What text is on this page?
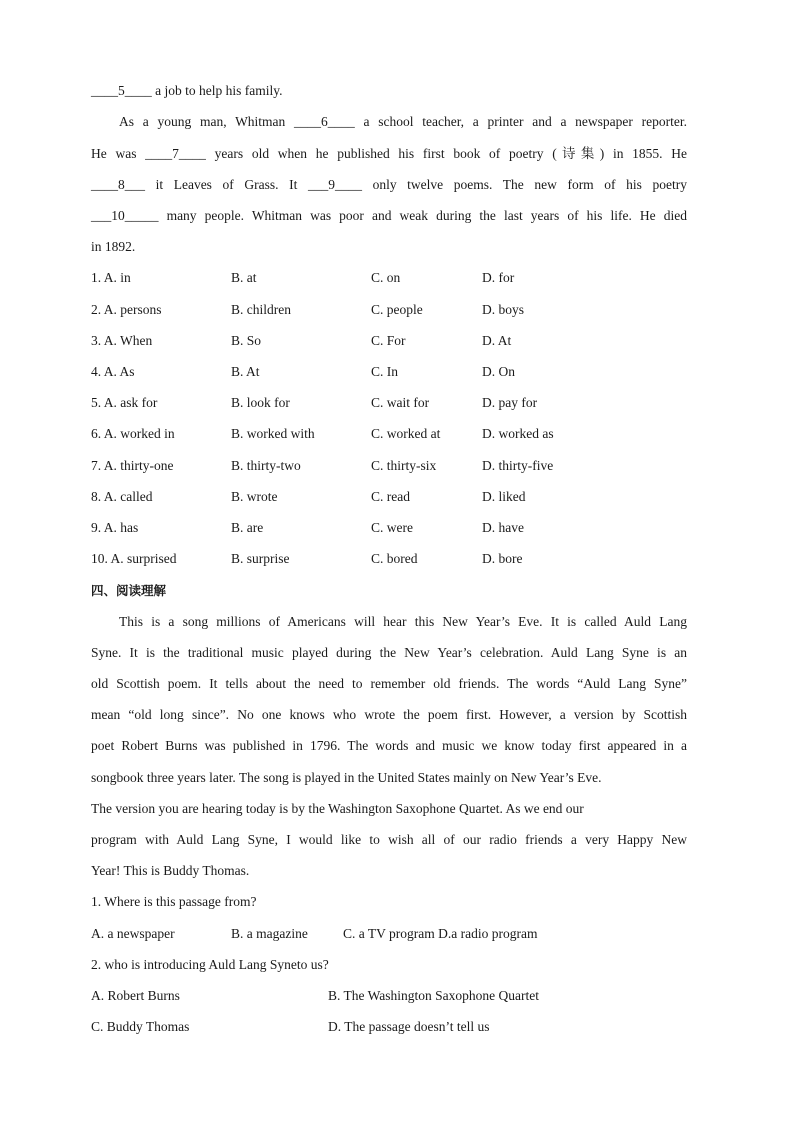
____5____ a job to help his family.
As a young man, Whitman ____6____ a school teacher, a printer and a newspaper reporter.
He was ____7____ years old when he published his first book of poetry (诗集) in 1855. He
____8___ it Leaves of Grass. It ___9____ only twelve poems. The new form of his poetry
___10_____ many people. Whitman was poor and weak during the last years of his life. He died
in 1892.
1. A. in	B. at	C. on	D. for
2. A. persons	B. children	C. people	D. boys
3. A. When	B. So	C. For	D. At
4. A. As	B. At	C. In	D. On
5. A. ask for	B. look for	C. wait for	D. pay for
6. A. worked in	B. worked with	C. worked at	D. worked as
7. A. thirty-one	B. thirty-two	C. thirty-six	D. thirty-five
8. A. called	B. wrote	C. read	D. liked
9. A. has	B. are	C. were	D. have
10. A. surprised	B. surprise	C. bored	D. bore
四、阅读理解
This is a song millions of Americans will hear this New Year’s Eve. It is called Auld Lang
Syne. It is the traditional music played during the New Year’s celebration. Auld Lang Syne is an
old Scottish poem. It tells about the need to remember old friends. The words “Auld Lang Syne”
mean “old long since”. No one knows who wrote the poem first. However, a version by Scottish
poet Robert Burns was published in 1796. The words and music we know today first appeared in a
songbook three years later. The song is played in the United States mainly on New Year’s Eve.
The version you are hearing today is by the Washington Saxophone Quartet. As we end our
program with Auld Lang Syne, I would like to wish all of our radio friends a very Happy New
Year! This is Buddy Thomas.
1. Where is this passage from?
A. a newspaper	B. a magazine	C. a TV program D.a radio program
2. who is introducing Auld Lang Syneto us?
A. Robert Burns	B. The Washington Saxophone Quartet
C. Buddy Thomas	D. The passage doesn’t tell us
